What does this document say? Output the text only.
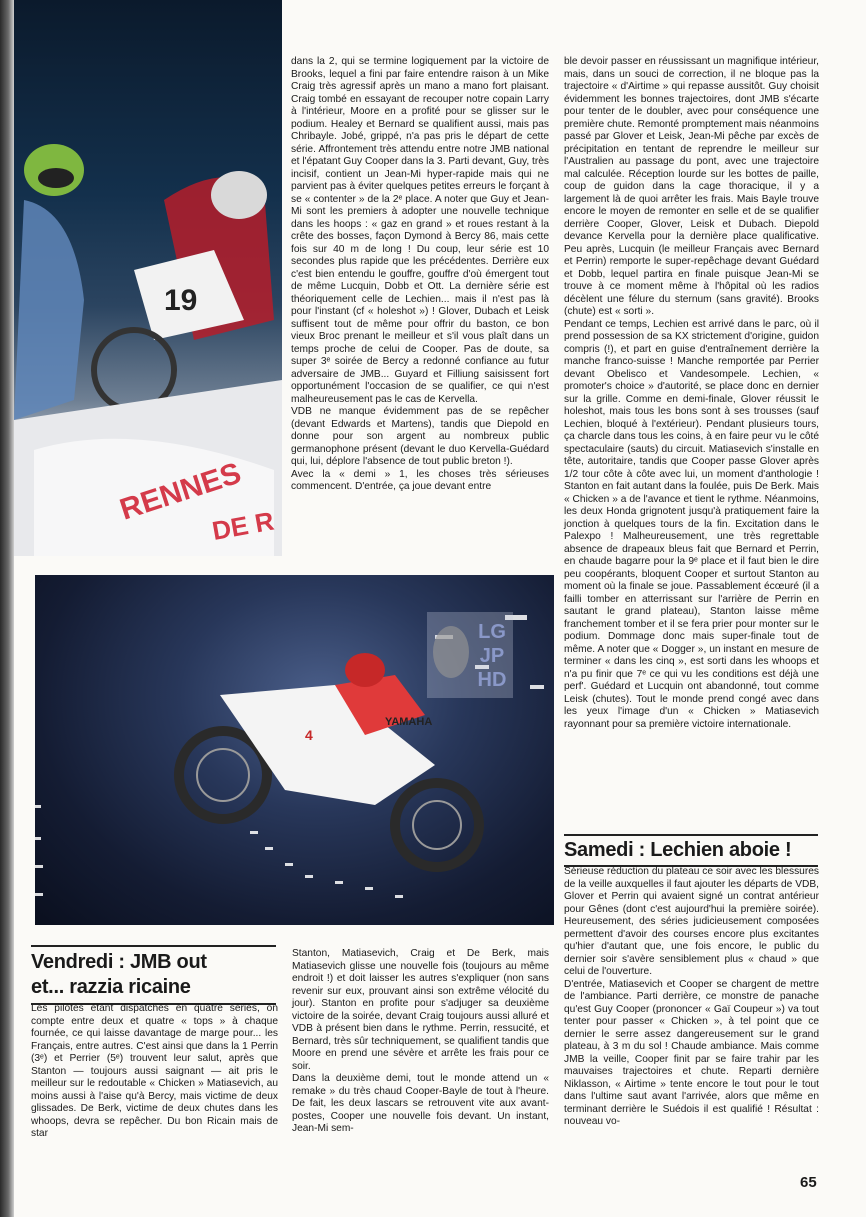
19
RENNES
DE R
4
YAMAHA
LG
JP
HD

dans la 2, qui se termine logiquement par la victoire de Brooks, lequel a fini par faire entendre raison à un Mike Craig très agressif après un mano a mano fort plaisant. Craig tombé en essayant de recouper notre copain Larry à l'intérieur, Moore en a profité pour se glisser sur le podium. Healey et Bernard se qualifient aussi, mais pas Chribayle. Jobé, grippé, n'a pas pris le départ de cette série. Affrontement très attendu entre notre JMB national et l'épatant Guy Cooper dans la 3. Parti devant, Guy, très incisif, contient un Jean-Mi hyper-rapide mais qui ne parvient pas à éviter quelques petites erreurs le forçant à se « contenter » de la 2ᵉ place. A noter que Guy et Jean-Mi sont les premiers à adopter une nouvelle technique dans les hoops : « gaz en grand » et roues restant à la crête des bosses, façon Dymond à Bercy 86, mais cette fois sur 40 m de long ! Du coup, leur série est 10 secondes plus rapide que les précédentes. Derrière eux c'est bien entendu le gouffre, gouffre d'où émergent tout de même Lucquin, Dobb et Ott. La dernière série est théoriquement celle de Lechien... mais il n'est pas là pour l'instant (cf « holeshot ») ! Glover, Dubach et Leisk suffisent tout de même pour offrir du baston, ce bon vieux Broc prenant le meilleur et s'il vous plaît dans un temps proche de celui de Cooper. Pas de doute, sa super 3ᵉ soirée de Bercy a redonné confiance au futur adversaire de JMB... Guyard et Filliung saisissent fort opportunément l'occasion de se qualifier, ce qui n'est malheureusement pas le cas de Kervella.

VDB ne manque évidemment pas de se repêcher (devant Edwards et Martens), tandis que Diepold en donne pour son argent au nombreux public germanophone présent (devant le duo Kervella-Guédard qui, lui, déplore l'absence de tout public breton !).

Avec la « demi » 1, les choses très sérieuses commencent. D'entrée, ça joue devant entre

ble devoir passer en réussissant un magnifique intérieur, mais, dans un souci de correction, il ne bloque pas la trajectoire « d'Airtime » qui repasse aussitôt. Guy choisit évidemment les bonnes trajectoires, dont JMB s'écarte pour tenter de le doubler, avec pour conséquence une première chute. Remonté promptement mais néanmoins passé par Glover et Leisk, Jean-Mi pêche par excès de précipitation en tentant de reprendre le meilleur sur l'Australien au passage du pont, avec une trajectoire mal calculée. Réception lourde sur les bottes de paille, coup de guidon dans la cage thoracique, il y a largement là de quoi arrêter les frais. Mais Bayle trouve encore le moyen de remonter en selle et de se qualifier derrière Cooper, Glover, Leisk et Dubach. Diepold devance Kervella pour la dernière place qualificative. Peu après, Lucquin (le meilleur Français avec Bernard et Perrin) remporte le super-repêchage devant Guédard et Dobb, lequel partira en finale puisque Jean-Mi se trouve à ce moment même à l'hôpital où les radios décèlent une félure du sternum (sans gravité). Brooks (chute) est « sorti ».

Pendant ce temps, Lechien est arrivé dans le parc, où il prend possession de sa KX strictement d'origine, guidon compris (!), et part en guise d'entraînement derrière la manche franco-suisse ! Manche remportée par Perrier devant Obelisco et Vandesompele. Lechien, « promoter's choice » d'autorité, se place donc en dernier sur la grille. Comme en demi-finale, Glover réussit le holeshot, mais tous les bons sont à ses trousses (sauf Lechien, bloqué à l'extérieur). Pendant plusieurs tours, ça charcle dans tous les coins, à en faire peur vu le côté spectaculaire (sauts) du circuit. Matiasevich s'installe en tête, autoritaire, tandis que Cooper passe Glover après 1/2 tour côte à côte avec lui, un moment d'anthologie ! Stanton en fait autant dans la foulée, puis De Berk. Mais « Chicken » a de l'avance et tient le rythme. Néanmoins, les deux Honda grignotent jusqu'à pratiquement faire la jonction à quelques tours de la fin. Excitation dans le Palexpo ! Malheureusement, une très regrettable absence de drapeaux bleus fait que Bernard et Perrin, en chaude bagarre pour la 9ᵉ place et il faut bien le dire peu coopérants, bloquent Cooper et surtout Stanton au moment où la finale se joue. Passablement écœuré (il a failli tomber en atterrissant sur l'arrière de Perrin en sautant le grand plateau), Stanton laisse même franchement tomber et il se fera prier pour monter sur le podium. Dommage donc mais super-finale tout de même. A noter que « Dogger », un instant en mesure de terminer « dans les cinq », est sorti dans les whoops et n'a pu finir que 7ᵉ ce qui vu les conditions est déjà une perf'. Guédard et Lucquin ont abandonné, tout comme Leisk (chutes). Tout le monde prend congé avec dans les yeux l'image d'un « Chicken » Matiasevich rayonnant pour sa première victoire internationale.

Samedi : Lechien aboie !

Sérieuse réduction du plateau ce soir avec les blessures de la veille auxquelles il faut ajouter les départs de VDB, Glover et Perrin qui avaient signé un contrat antérieur pour Gênes (dont c'est aujourd'hui la première soirée). Heureusement, des séries judicieusement composées permettent d'avoir des courses encore plus excitantes qu'hier d'autant que, une fois encore, le public du dernier soir s'avère sensiblement plus « chaud » que celui de l'ouverture.

D'entrée, Matiasevich et Cooper se chargent de mettre de l'ambiance. Parti derrière, ce monstre de panache qu'est Guy Cooper (prononcer « Gaï Coupeur ») va tout tenter pour passer « Chicken », à tel point que ce dernier le serre assez dangereusement sur le grand plateau, à 3 m du sol ! Chaude ambiance. Mais comme JMB la veille, Cooper finit par se faire trahir par les mauvaises trajectoires et chute. Reparti dernière Niklasson, « Airtime » tente encore le tout pour le tout dans l'ultime saut avant l'arrivée, alors que même en terminant derrière le Suédois il est qualifié ! Résultat : nouveau vo-

Vendredi : JMB out
et... razzia ricaine

Les pilotes étant dispatchés en quatre séries, on compte entre deux et quatre « tops » à chaque fournée, ce qui laisse davantage de marge pour... les Français, entre autres. C'est ainsi que dans la 1 Perrin (3ᵉ) et Perrier (5ᵉ) trouvent leur salut, après que Stanton — toujours aussi saignant — ait pris le meilleur sur le redoutable « Chicken » Matiasevich, au moins aussi à l'aise qu'à Bercy, mais victime de deux glissades. De Berk, victime de deux chutes dans les whoops, devra se repêcher. Du bon Ricain mais de star

Stanton, Matiasevich, Craig et De Berk, mais Matiasevich glisse une nouvelle fois (toujours au même endroit !) et doit laisser les autres s'expliquer (non sans revenir sur eux, prouvant ainsi son extrême vélocité du jour). Stanton en profite pour s'adjuger sa deuxième victoire de la soirée, devant Craig toujours aussi alluré et VDB à présent bien dans le rythme. Perrin, ressucité, et Bernard, très sûr techniquement, se qualifient tandis que Moore en prend une sévère et arrête les frais pour ce soir.

Dans la deuxième demi, tout le monde attend un « remake » du très chaud Cooper-Bayle de tout à l'heure. De fait, les deux lascars se retrouvent vite aux avant-postes, Cooper une nouvelle fois devant. Un instant, Jean-Mi sem-

65
